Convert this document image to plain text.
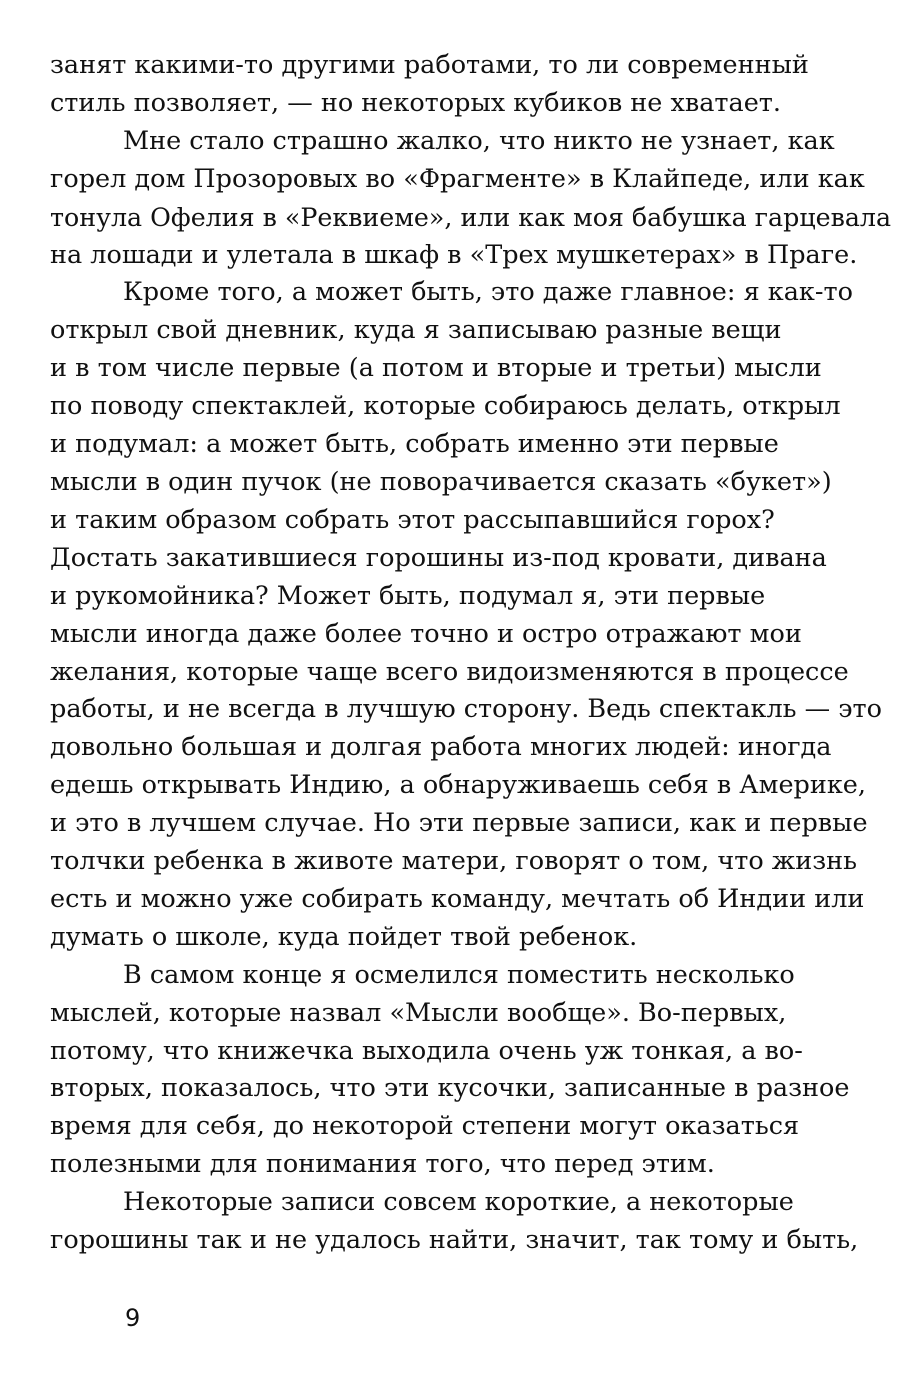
занят какими-то другими работами, то ли современный
стиль позволяет, — но некоторых кубиков не хватает.
Мне стало страшно жалко, что никто не узнает, как
горел дом Прозоровых во «Фрагменте» в Клайпеде, или как
тонула Офелия в «Реквиеме», или как моя бабушка гарцевала
на лошади и улетала в шкаф в «Трех мушкетерах» в Праге.
Кроме того, а может быть, это даже главное: я как-то
открыл свой дневник, куда я записываю разные вещи
и в том числе первые (а потом и вторые и третьи) мысли
по поводу спектаклей, которые собираюсь делать, открыл
и подумал: а может быть, собрать именно эти первые
мысли в один пучок (не поворачивается сказать «букет»)
и таким образом собрать этот рассыпавшийся горох?
Достать закатившиеся горошины из-под кровати, дивана
и рукомойника? Может быть, подумал я, эти первые
мысли иногда даже более точно и остро отражают мои
желания, которые чаще всего видоизменяются в процессе
работы, и не всегда в лучшую сторону. Ведь спектакль — это
довольно большая и долгая работа многих людей: иногда
едешь открывать Индию, а обнаруживаешь себя в Америке,
и это в лучшем случае. Но эти первые записи, как и первые
толчки ребенка в животе матери, говорят о том, что жизнь
есть и можно уже собирать команду, мечтать об Индии или
думать о школе, куда пойдет твой ребенок.
В самом конце я осмелился поместить несколько
мыслей, которые назвал «Мысли вообще». Во-первых,
потому, что книжечка выходила очень уж тонкая, а во-
вторых, показалось, что эти кусочки, записанные в разное
время для себя, до некоторой степени могут оказаться
полезными для понимания того, что перед этим.
Некоторые записи совсем короткие, а некоторые
горошины так и не удалось найти, значит, так тому и быть,
9
